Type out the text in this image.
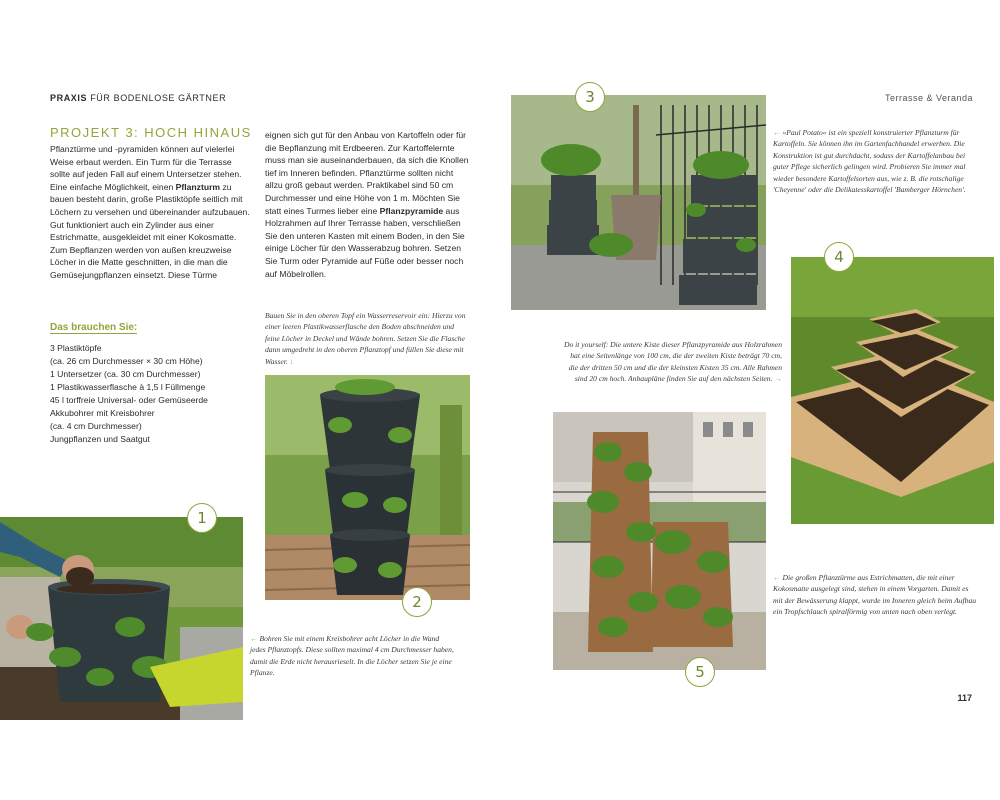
PRAXIS FÜR BODENLOSE GÄRTNER	Terrasse & Veranda
PROJEKT 3: HOCH HINAUS
Pflanztürme und -pyramiden können auf vielerlei Weise erbaut werden. Ein Turm für die Terrasse sollte auf jeden Fall auf einem Untersetzer stehen. Eine einfache Möglichkeit, einen Pflanzturm zu bauen besteht darin, große Plastiktöpfe seitlich mit Löchern zu versehen und übereinander aufzubauen. Gut funktioniert auch ein Zylinder aus einer Estrichmatte, ausgekleidet mit einer Kokosmatte. Zum Bepflanzen werden von außen kreuzweise Löcher in die Matte geschnitten, in die man die Gemüsejungpflanzen einsetzt. Diese Türme
eignen sich gut für den Anbau von Kartoffeln oder für die Bepflanzung mit Erdbeeren. Zur Kartoffelernte muss man sie auseinanderbauen, da sich die Knollen tief im Inneren befinden. Pflanztürme sollten nicht allzu groß gebaut werden. Praktikabel sind 50 cm Durchmesser und eine Höhe von 1 m. Möchten Sie statt eines Turmes lieber eine Pflanzpyramide aus Holzrahmen auf Ihrer Terrasse haben, verschließen Sie den unteren Kasten mit einem Boden, in den Sie einige Löcher für den Wasserabzug bohren. Setzen Sie Turm oder Pyramide auf Füße oder besser noch auf Möbelrollen.
Das brauchen Sie:
3 Plastiktöpfe
(ca. 26 cm Durchmesser × 30 cm Höhe)
1 Untersetzer (ca. 30 cm Durchmesser)
1 Plastikwasserflasche à 1,5 l Füllmenge
45 l torffreie Universal- oder Gemüseerde
Akkubohrer mit Kreisbohrer
(ca. 4 cm Durchmesser)
Jungpflanzen und Saatgut
Bauen Sie in den oberen Topf ein Wasserreservoir ein: Hierzu von einer leeren Plastikwasserflasche den Boden abschneiden und feine Löcher in Deckel und Wände bohren. Setzen Sie die Flasche dann umgedreht in den oberen Pflanztopf und füllen Sie diese mit Wasser. ↓
← Bohren Sie mit einem Kreisbohrer acht Löcher in die Wand jedes Pflanztopfs. Diese sollten maximal 4 cm Durchmesser haben, damit die Erde nicht herausrieselt. In die Löcher setzen Sie je eine Pflanze.
← »Paul Potato« ist ein speziell konstruierter Pflanzturm für Kartoffeln. Sie können ihn im Gartenfachhandel erwerben. Die Konstruktion ist gut durchdacht, sodass der Kartoffelanbau bei guter Pflege sicherlich gelingen wird. Probieren Sie immer mal wieder besondere Kartoffelsorten aus, wie z. B. die rotschalige 'Cheyenne' oder die Delikatesskartoffel 'Bamberger Hörnchen'.
Do it yourself: Die untere Kiste dieser Pflanzpyramide aus Holzrahmen hat eine Seitenlänge von 100 cm, die der zweiten Kiste beträgt 70 cm, die der dritten 50 cm und die der kleinsten Kisten 35 cm. Alle Rahmen sind 20 cm hoch. Anbaupläne finden Sie auf den nächsten Seiten. →
← Die großen Pflanztürme aus Estrichmatten, die mit einer Kokosmatte ausgelegt sind, stehen in einem Vorgarten. Damit es mit der Bewässerung klappt, wurde im Inneren gleich beim Aufbau ein Tropfschlauch spiralförmig von unten nach oben verlegt.
1
2
3
4
5
117
